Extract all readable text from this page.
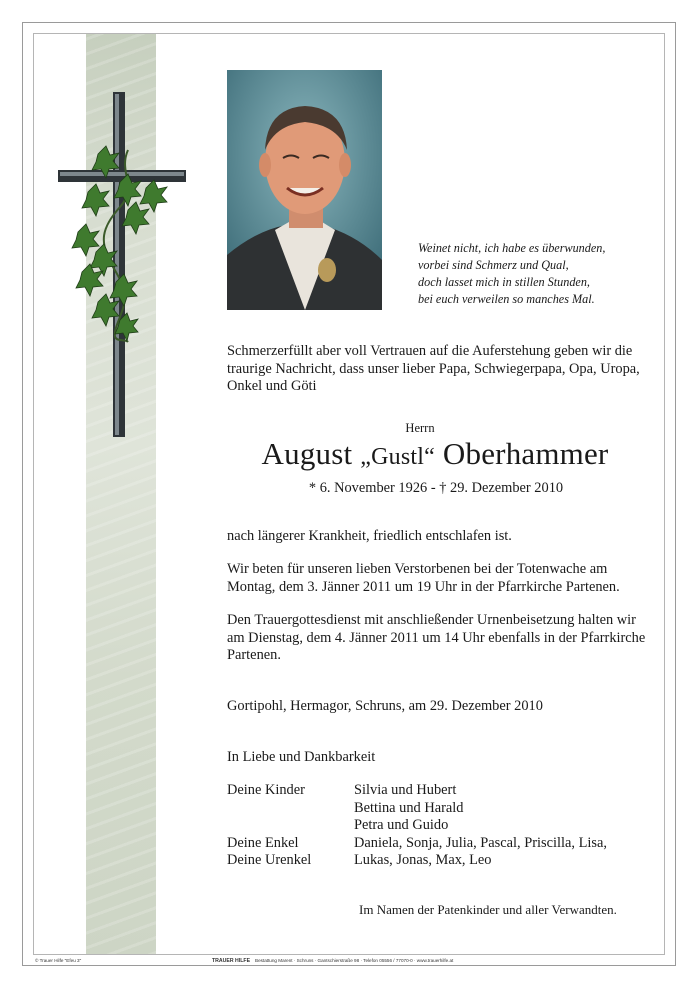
Weinet nicht, ich habe es überwunden,
vorbei sind Schmerz und Qual,
doch lasset mich in stillen Stunden,
bei euch verweilen so manches Mal.
Schmerzerfüllt aber voll Vertrauen auf die Auferstehung geben wir die traurige Nachricht, dass unser lieber Papa, Schwiegerpapa, Opa, Uropa, Onkel und Göti
Herrn
August „Gustl“ Oberhammer
* 6. November 1926 - † 29. Dezember 2010
nach längerer Krankheit, friedlich entschlafen ist.
Wir beten für unseren lieben Verstorbenen bei der Totenwache am Montag, dem 3. Jänner 2011 um 19 Uhr in der Pfarrkirche Partenen.
Den Trauergottesdienst mit anschließender Urnenbeisetzung halten wir am Dienstag, dem 4. Jänner 2011 um 14 Uhr ebenfalls in der Pfarrkirche Partenen.
Gortipohl, Hermagor, Schruns, am 29. Dezember 2010
In Liebe und Dankbarkeit
Deine Kinder	Silvia und Hubert
Bettina und Harald
Petra und Guido
Deine Enkel	Daniela, Sonja, Julia, Pascal, Priscilla, Lisa,
Deine Urenkel	Lukas, Jonas, Max, Leo
Im Namen der Patenkinder und aller Verwandten.
© Trauer Hilfe "Efeu 3"	TRAUER HILFE Bestattung Marent · Schruns · Gantschierstraße 98 · Telefon 05556 / 77070-0 · www.trauerhilfe.at
